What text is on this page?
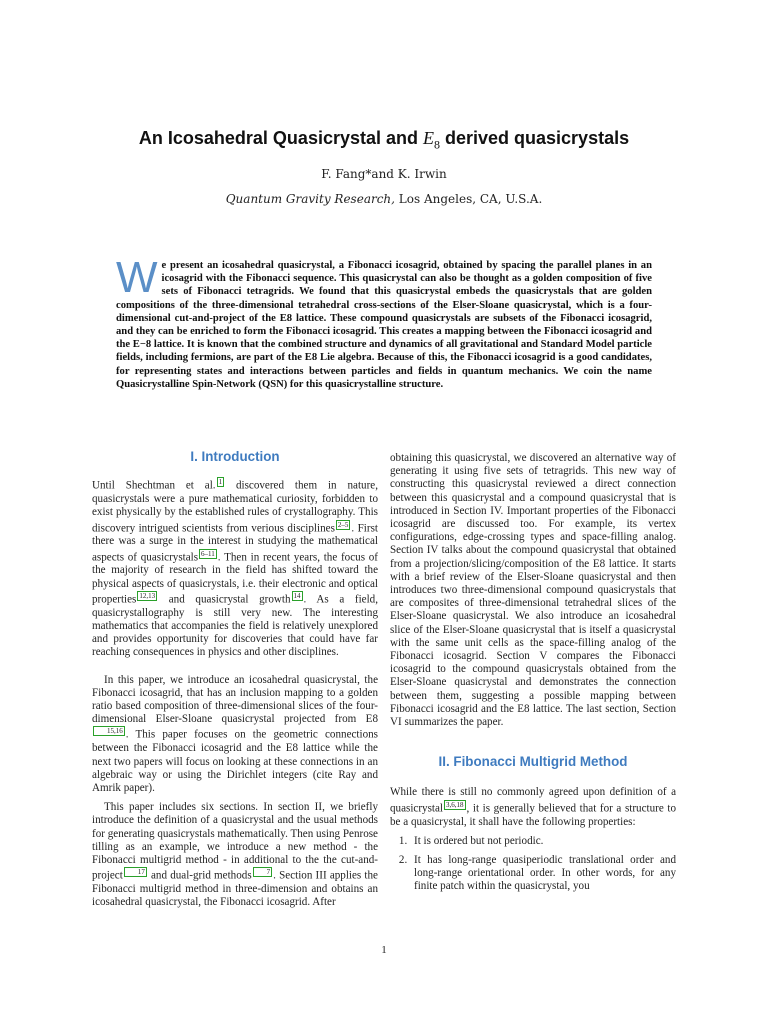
An Icosahedral Quasicrystal and $E_8$ derived quasicrystals
F. Fang*and K. Irwin
Quantum Gravity Research, Los Angeles, CA, U.S.A.
We present an icosahedral quasicrystal, a Fibonacci icosagrid, obtained by spacing the parallel planes in an icosagrid with the Fibonacci sequence. This quasicrystal can also be thought as a golden composition of five sets of Fibonacci tetragrids. We found that this quasicrystal embeds the quasicrystals that are golden compositions of the three-dimensional tetrahedral cross-sections of the Elser-Sloane quasicrystal, which is a four-dimensional cut-and-project of the E8 lattice. These compound quasicrystals are subsets of the Fibonacci icosagrid, and they can be enriched to form the Fibonacci icosagrid. This creates a mapping between the Fibonacci icosagrid and the E−8 lattice. It is known that the combined structure and dynamics of all gravitational and Standard Model particle fields, including fermions, are part of the E8 Lie algebra. Because of this, the Fibonacci icosagrid is a good candidates, for representing states and interactions between particles and fields in quantum mechanics. We coin the name Quasicrystalline Spin-Network (QSN) for this quasicrystalline structure.
I. Introduction

Until Shechtman et al. 1 discovered them in nature, quasicrystals were a pure mathematical curiosity, forbidden to exist physically by the established rules of crystallography. This discovery intrigued scientists from verious disciplines 2–5 . First there was a surge in the interest in studying the mathematical aspects of quasicrystals 6–11 . Then in recent years, the focus of the majority of research in the field has shifted toward the physical aspects of quasicrystals, i.e. their electronic and optical properties 12,13 and quasicrystal growth 14 . As a field, quasicrystallography is still very new. The interesting mathematics that accompanies the field is relatively unexplored and provides opportunity for discoveries that could have far reaching consequences in physics and other disciplines.

In this paper, we introduce an icosahedral quasicrystal, the Fibonacci icosagrid, that has an inclusion mapping to a golden ratio based composition of three-dimensional slices of the four-dimensional Elser-Sloane quasicrystal projected from E815,16 . This paper focuses on the geometric connections between the Fibonacci icosagrid and the E8 lattice while the next two papers will focus on looking at these connections in an algebraic way or using the Dirichlet integers (cite Ray and Amrik paper).

This paper includes six sections. In section II, we briefly introduce the definition of a quasicrystal and the usual methods for generating quasicrystals mathematically. Then using Penrose tilling as an example, we introduce a new method - the Fibonacci multigrid method - in additional to the the cut-and-project 17 and dual-grid methods 7 . Section III applies the Fibonacci multigrid method in three-dimension and obtains an icosahedral quasicrystal, the Fibonacci icosagrid. After

obtaining this quasicrystal, we discovered an alternative way of generating it using five sets of tetragrids. This new way of constructing this quasicrystal reviewed a direct connection between this quasicrystal and a compound quasicrystal that is introduced in Section IV. Important properties of the Fibonacci icosagrid are discussed too. For example, its vertex configurations, edge-crossing types and space-filling analog. Section IV talks about the compound quasicrystal that obtained from a projection/slicing/composition of the E8 lattice. It starts with a brief review of the Elser-Sloane quasicrystal and then introduces two three-dimensional compound quasicrystals that are composites of three-dimensional tetrahedral slices of the Elser-Sloane quasicrystal. We also introduce an icosahedral slice of the Elser-Sloane quasicrystal that is itself a quasicrystal with the same unit cells as the space-filling analog of the Fibonacci icosagrid. Section V compares the Fibonacci icosagrid to the compound quasicrystals obtained from the Elser-Sloane quasicrystal and demonstrates the connection between them, suggesting a possible mapping between Fibonacci icosagrid and the E8 lattice. The last section, Section VI summarizes the paper.

II. Fibonacci Multigrid Method

While there is still no commonly agreed upon definition of a quasicrystal 3,6,18 , it is generally believed that for a structure to be a quasicrystal, it shall have the following properties:

1. It is ordered but not periodic.
2. It has long-range quasiperiodic translational order and long-range orientational order. In other words, for any finite patch within the quasicrystal, you
1
